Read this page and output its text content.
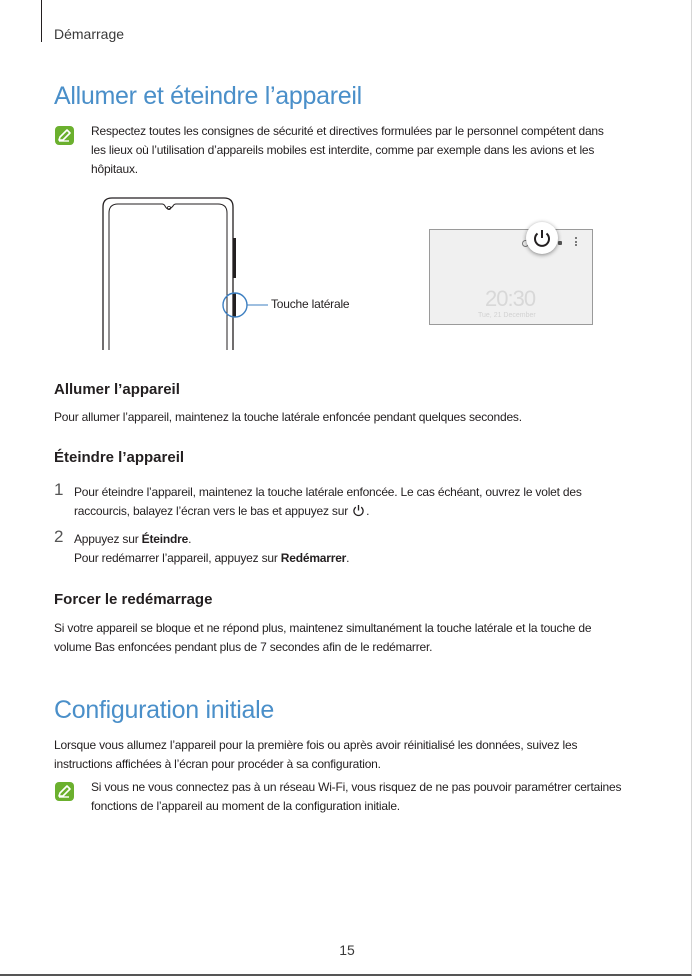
Démarrage
Allumer et éteindre l’appareil

Respectez toutes les consignes de sécurité et directives formulées par le personnel compétent dans
les lieux où l’utilisation d’appareils mobiles est interdite, comme par exemple dans les avions et les
hôpitaux.

Touche latérale	20:30
Tue, 21 December
Allumer l’appareil

Pour allumer l’appareil, maintenez la touche latérale enfoncée pendant quelques secondes.

Éteindre l’appareil
1 Pour éteindre l’appareil, maintenez la touche latérale enfoncée. Le cas échéant, ouvrez le volet des
raccourcis, balayez l’écran vers le bas et appuyez sur .

2 Appuyez sur Éteindre.
Pour redémarrer l’appareil, appuyez sur Redémarrer.

Forcer le redémarrage

Si votre appareil se bloque et ne répond plus, maintenez simultanément la touche latérale et la touche de
volume Bas enfoncées pendant plus de 7 secondes afin de le redémarrer.

Configuration initiale

Lorsque vous allumez l’appareil pour la première fois ou après avoir réinitialisé les données, suivez les
instructions affichées à l’écran pour procéder à sa configuration.

Si vous ne vous connectez pas à un réseau Wi-Fi, vous risquez de ne pas pouvoir paramétrer certaines
fonctions de l’appareil au moment de la configuration initiale.

15
